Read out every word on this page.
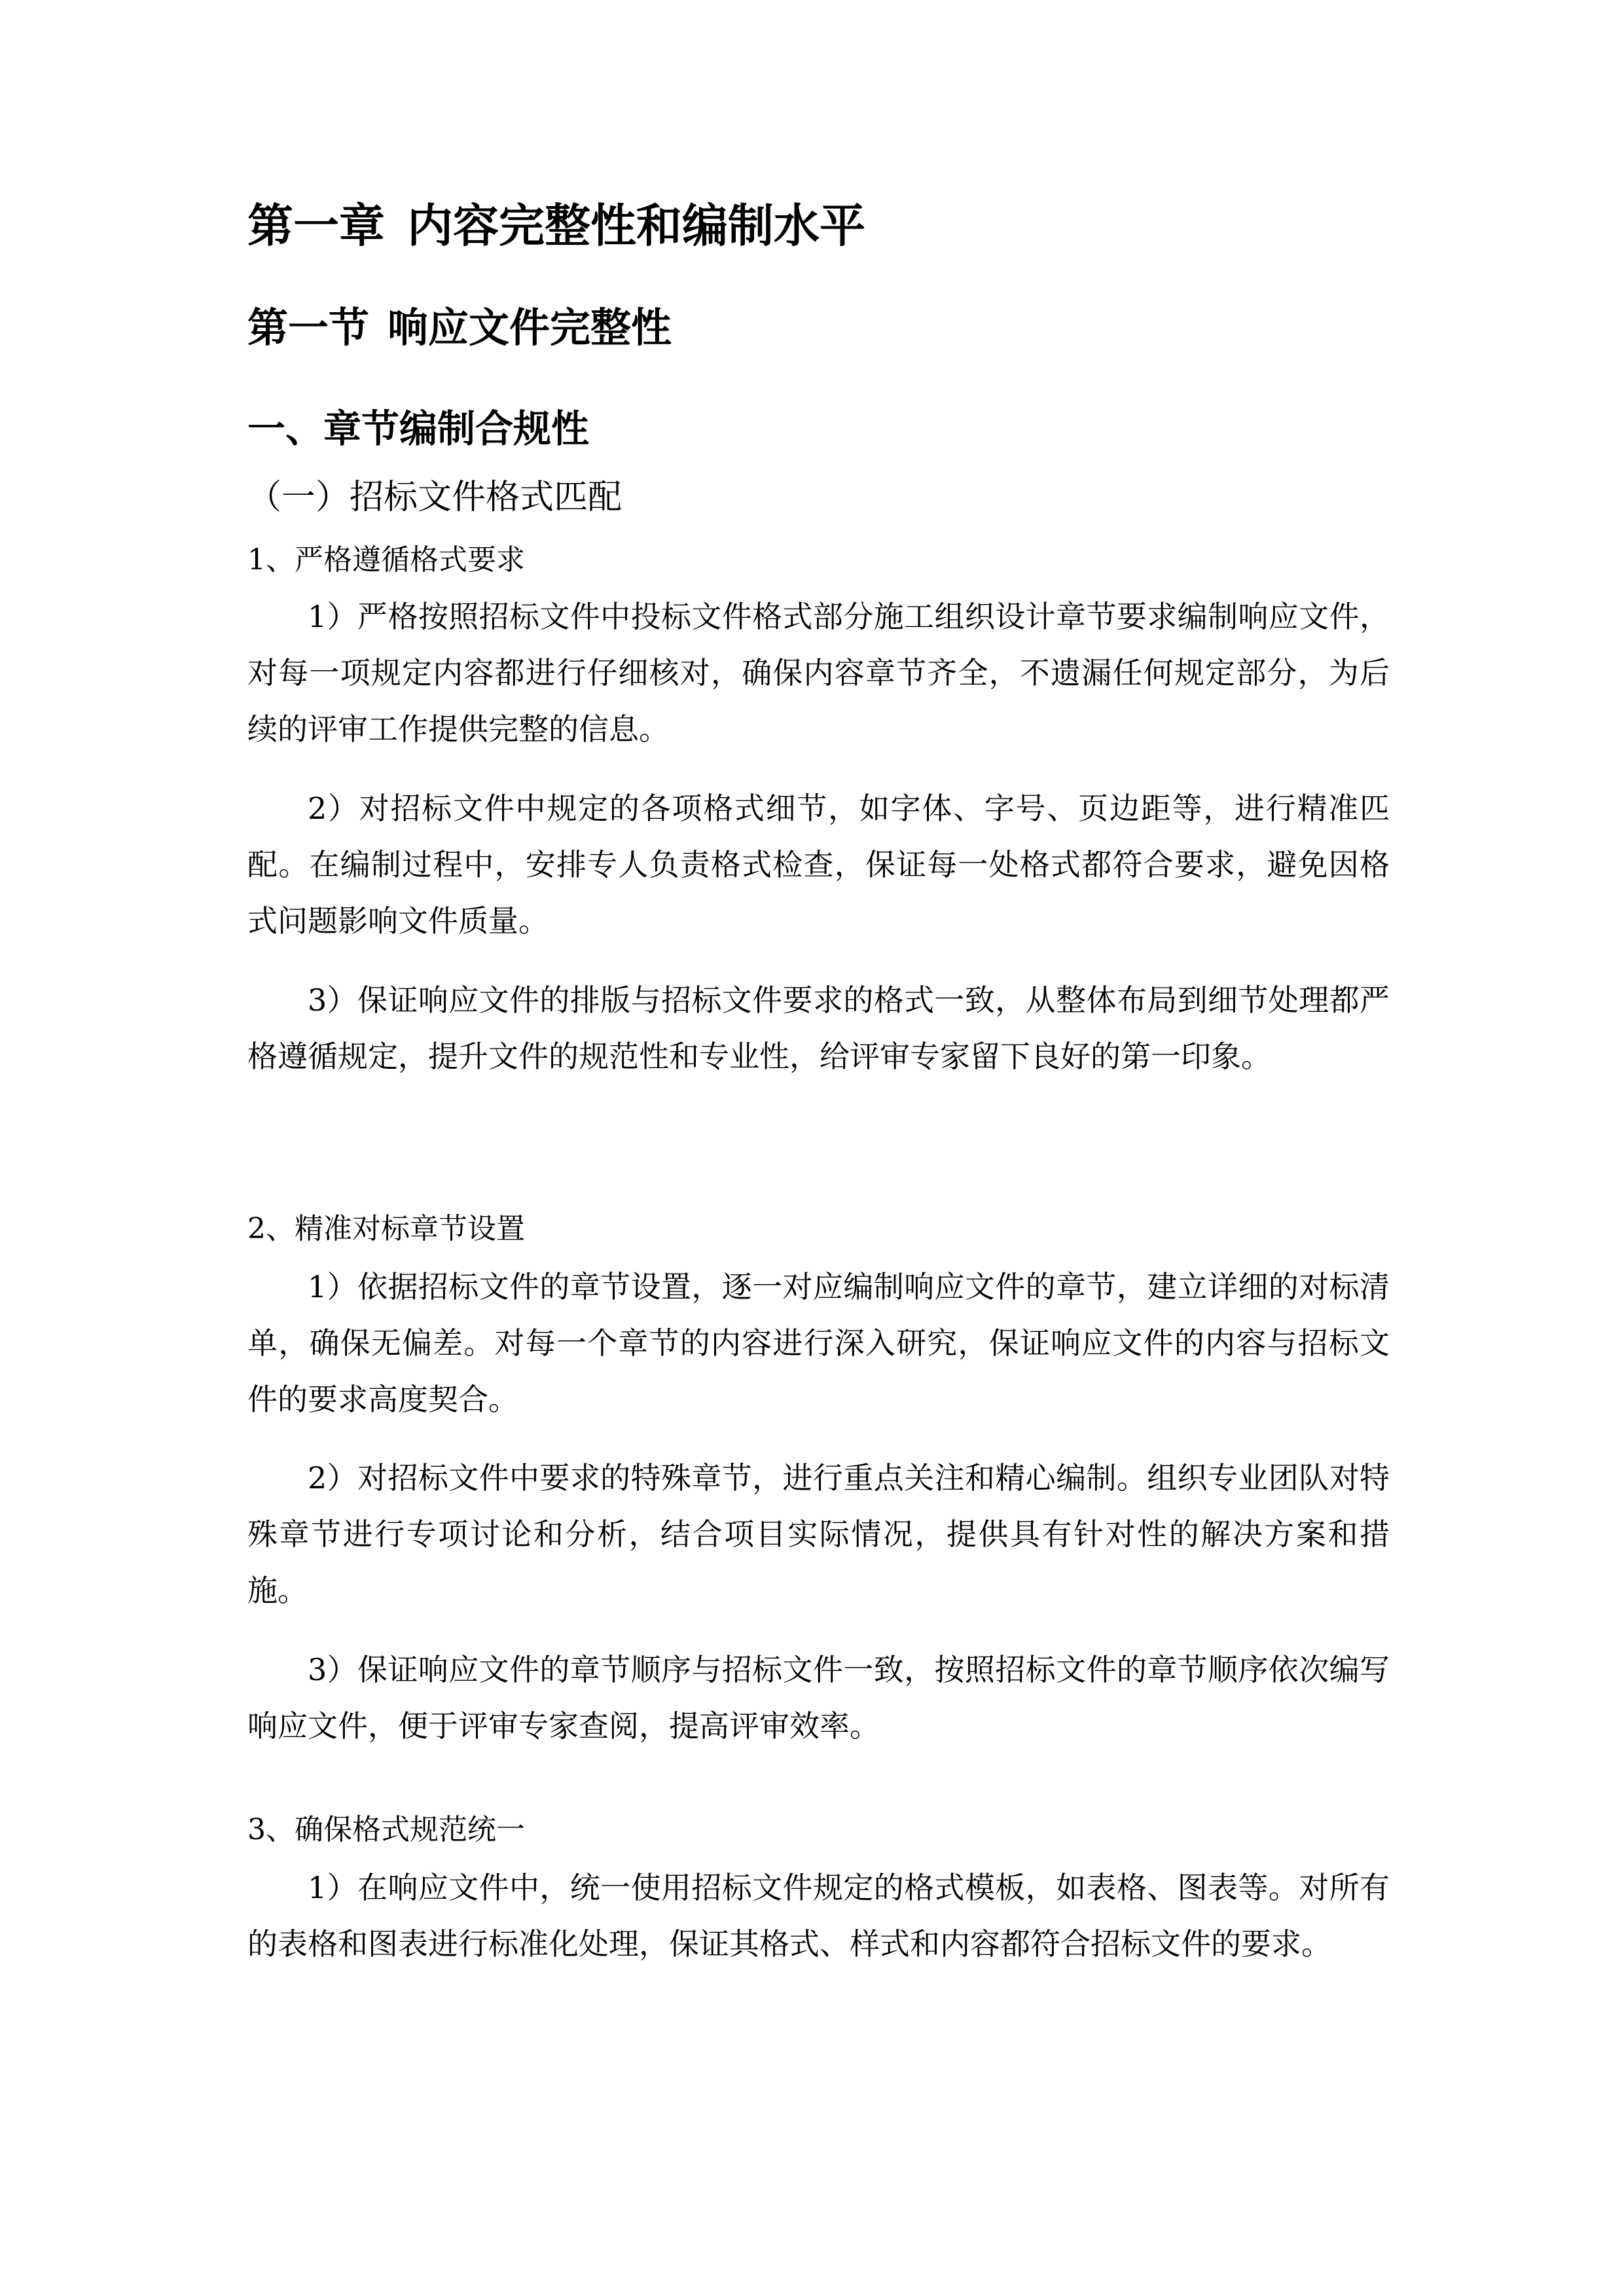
第一章 内容完整性和编制水平
第一节 响应文件完整性
一、章节编制合规性
（一）招标文件格式匹配
1、严格遵循格式要求

1）严格按照招标文件中投标文件格式部分施工组织设计章节要求编制响应文件，对每一项规定内容都进行仔细核对，确保内容章节齐全，不遗漏任何规定部分，为后续的评审工作提供完整的信息。

2）对招标文件中规定的各项格式细节，如字体、字号、页边距等，进行精准匹配。在编制过程中，安排专人负责格式检查，保证每一处格式都符合要求，避免因格式问题影响文件质量。

3）保证响应文件的排版与招标文件要求的格式一致，从整体布局到细节处理都严格遵循规定，提升文件的规范性和专业性，给评审专家留下良好的第一印象。

2、精准对标章节设置

1）依据招标文件的章节设置，逐一对应编制响应文件的章节，建立详细的对标清单，确保无偏差。对每一个章节的内容进行深入研究，保证响应文件的内容与招标文件的要求高度契合。

2）对招标文件中要求的特殊章节，进行重点关注和精心编制。组织专业团队对特殊章节进行专项讨论和分析，结合项目实际情况，提供具有针对性的解决方案和措施。

3）保证响应文件的章节顺序与招标文件一致，按照招标文件的章节顺序依次编写响应文件，便于评审专家查阅，提高评审效率。

3、确保格式规范统一

1）在响应文件中，统一使用招标文件规定的格式模板，如表格、图表等。对所有的表格和图表进行标准化处理，保证其格式、样式和内容都符合招标文件的要求。
